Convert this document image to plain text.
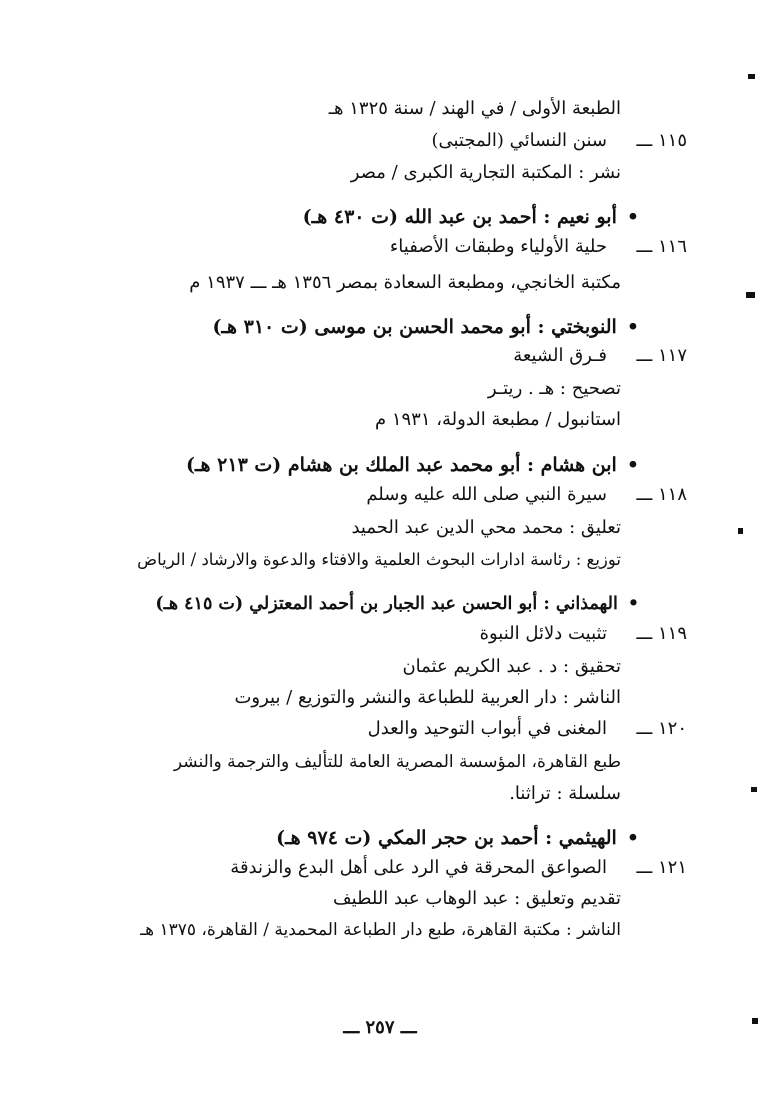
الطبعة الأولى / في الهند / سنة ١٣٢٥ هـ
١١٥ ـــسنن النسائي (المجتبى)
نشر : المكتبة التجارية الكبرى / مصر
•أبو نعيم : أحمد بن عبد الله (ت ٤٣٠ هـ)
١١٦ ـــحلية الأولياء وطبقات الأصفياء
مكتبة الخانجي، ومطبعة السعادة بمصر ١٣٥٦ هـ ـــ ١٩٣٧ م
•النوبختي : أبو محمد الحسن بن موسى (ت ٣١٠ هـ)
١١٧ ـــفـرق الشيعة
تصحيح : هـ . ريتـر
استانبول / مطبعة الدولة، ١٩٣١ م
•ابن هشام : أبو محمد عبد الملك بن هشام (ت ٢١٣ هـ)
١١٨ ـــسيرة النبي صلى الله عليه وسلم
تعليق : محمد محي الدين عبد الحميد
توزيع : رئاسة ادارات البحوث العلمية والافتاء والدعوة والارشاد / الرياض
•الهمذاني : أبو الحسن عبد الجبار بن أحمد المعتزلي (ت ٤١٥ هـ)
١١٩ ـــتثبيت دلائل النبوة
تحقيق : د . عبد الكريم عثمان
الناشر : دار العربية للطباعة والنشر والتوزيع / بيروت
١٢٠ ـــالمغنى في أبواب التوحيد والعدل
طبع القاهرة، المؤسسة المصرية العامة للتأليف والترجمة والنشر
سلسلة : تراثنا.
•الهيثمي : أحمد بن حجر المكي (ت ٩٧٤ هـ)
١٢١ ـــالصواعق المحرقة في الرد على أهل البدع والزندقة
تقديم وتعليق : عبد الوهاب عبد اللطيف
الناشر : مكتبة القاهرة، طبع دار الطباعة المحمدية / القاهرة، ١٣٧٥ هـ
ـــ ٢٥٧ ـــ
